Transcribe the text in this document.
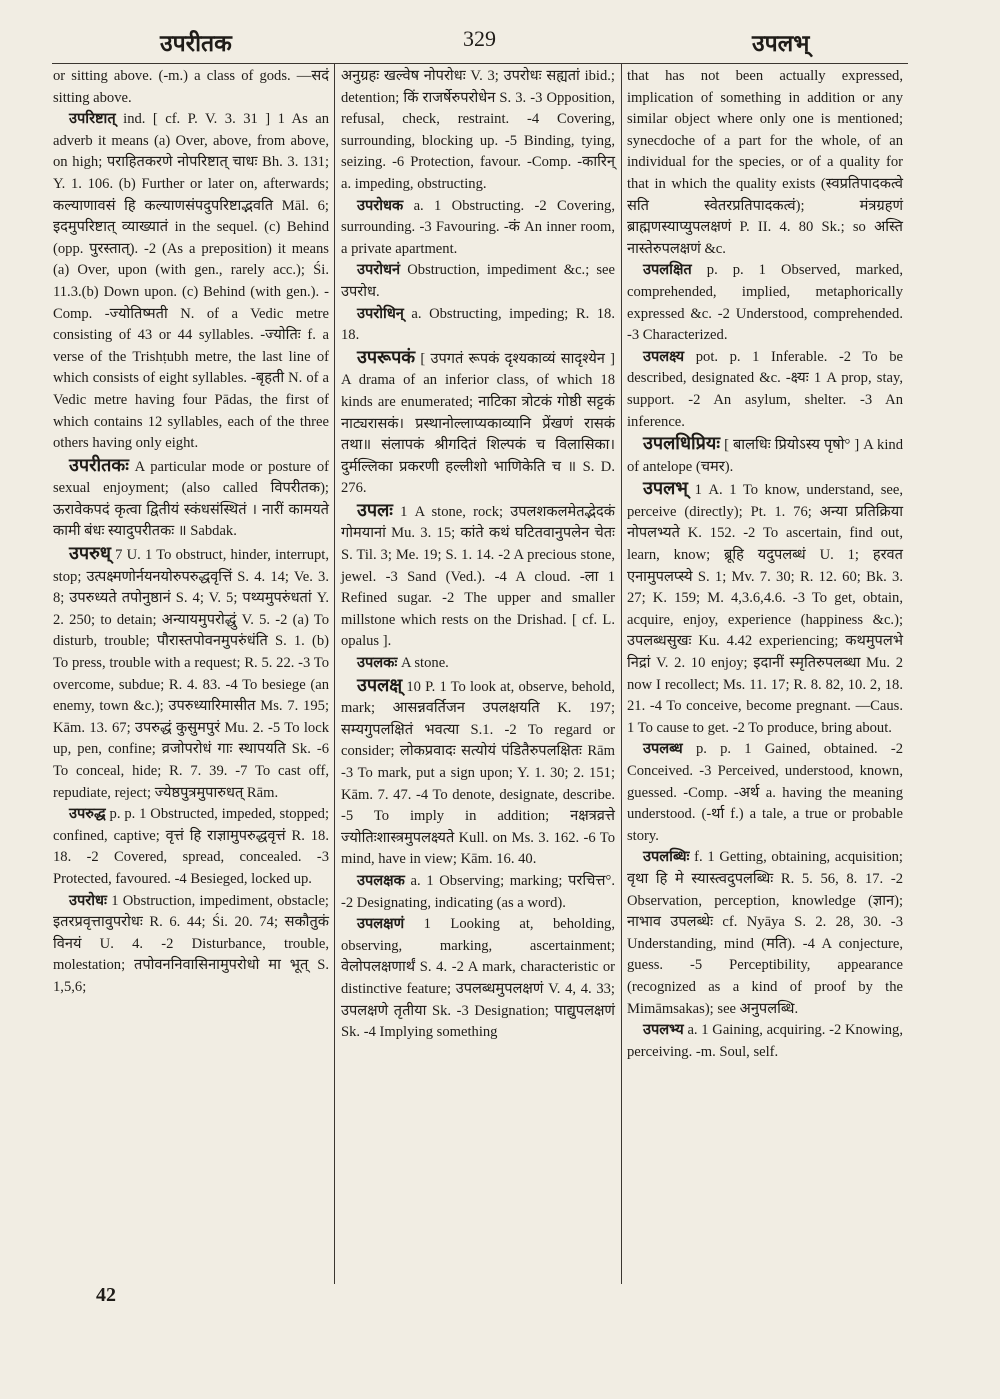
उपरीतक	329	उपलभ्

or sitting above. (-m.) a class of gods. —सदं sitting above.

उपरिष्टात् ind. [ cf. P. V. 3. 31 ] 1 As an adverb it means (a) Over, above, from above, on high; पराहितकरणे नोपरिष्टात् चाधः Bh. 3. 131; Y. 1. 106. (b) Further or later on, afterwards; कल्याणावसं हि कल्याणसंपदुपरिष्टाद्भवति Māl. 6; इदमुपरिष्टात् व्याख्यातं in the sequel. (c) Behind (opp. पुरस्तात्). -2 (As a preposition) it means (a) Over, upon (with gen., rarely acc.); Śi. 11.3.(b) Down upon. (c) Behind (with gen.). -Comp. -ज्योतिष्मती N. of a Vedic metre consisting of 43 or 44 syllables. -ज्योतिः f. a verse of the Trishṭubh metre, the last line of which consists of eight syllables. -बृहती N. of a Vedic metre having four Pādas, the first of which contains 12 syllables, each of the three others having only eight.

उपरीतकः A particular mode or posture of sexual enjoyment; (also called विपरीतक); ऊरावेकपदं कृत्वा द्वितीयं स्कंधसंस्थितं । नारीं कामयते कामी बंधः स्यादुपरीतकः ॥ Sabdak.

उपरुध् 7 U. 1 To obstruct, hinder, interrupt, stop; उत्पक्ष्मणोर्नयनयोरुपरुद्धवृत्तिं S. 4. 14; Ve. 3. 8; उपरुध्यते तपोनुष्ठानं S. 4; V. 5; पथ्यमुपरुंधतां Y. 2. 250; to detain; अन्यायमुपरोद्धुं V. 5. -2 (a) To disturb, trouble; पौरास्तपोवनमुपरुंधंति S. 1. (b) To press, trouble with a request; R. 5. 22. -3 To overcome, subdue; R. 4. 83. -4 To besiege (an enemy, town &c.); उपरुध्यारिमासीत Ms. 7. 195; Kām. 13. 67; उपरुद्धं कुसुमपुरं Mu. 2. -5 To lock up, pen, confine; व्रजोपरोधं गाः स्थापयति Sk. -6 To conceal, hide; R. 7. 39. -7 To cast off, repudiate, reject; ज्येष्ठपुत्रमुपारुधत् Rām.

उपरुद्ध p. p. 1 Obstructed, impeded, stopped; confined, captive; वृत्तं हि राज्ञामुपरुद्धवृत्तं R. 18. 18. -2 Covered, spread, concealed. -3 Protected, favoured. -4 Besieged, locked up.

उपरोधः 1 Obstruction, impediment, obstacle; इतरप्रवृत्तावुपरोधः R. 6. 44; Śi. 20. 74; सकौतुकं विनयं U. 4. -2 Disturbance, trouble, molestation; तपोवननिवासिनामुपरोधो मा भूत् S. 1,5,6;

अनुग्रहः खल्वेष नोपरोधः V. 3; उपरोधः सह्यतां ibid.; detention; किं राजर्षेरुपरोधेन S. 3. -3 Opposition, refusal, check, restraint. -4 Covering, surrounding, blocking up. -5 Binding, tying, seizing. -6 Protection, favour. -Comp. -कारिन् a. impeding, obstructing.

उपरोधक a. 1 Obstructing. -2 Covering, surrounding. -3 Favouring. -कं An inner room, a private apartment.

उपरोधनं Obstruction, impediment &c.; see उपरोध.

उपरोधिन् a. Obstructing, impeding; R. 18. 18.

उपरूपकं [ उपगतं रूपकं दृश्यकाव्यं सादृश्येन ] A drama of an inferior class, of which 18 kinds are enumerated; नाटिका त्रोटकं गोष्ठी सट्टकं नाट्यरासकं। प्रस्थानोल्लाप्यकाव्यानि प्रेंखणं रासकं तथा॥ संलापकं श्रीगदितं शिल्पकं च विलासिका। दुर्मल्लिका प्रकरणी हल्लीशो भाणिकेति च ॥ S. D. 276.

उपलः 1 A stone, rock; उपलशकलमेतद्भेदकं गोमयानां Mu. 3. 15; कांते कथं घटितवानुपलेन चेतः S. Til. 3; Me. 19; S. 1. 14. -2 A precious stone, jewel. -3 Sand (Ved.). -4 A cloud. -ला 1 Refined sugar. -2 The upper and smaller millstone which rests on the Drishad. [ cf. L. opalus ].

उपलकः A stone.

उपलक्ष् 10 P. 1 To look at, observe, behold, mark; आसन्नवर्तिजन उपलक्षयति K. 197; सम्यगुपलक्षितं भवत्या S.1. -2 To regard or consider; लोकप्रवादः सत्योयं पंडितैरुपलक्षितः Rām -3 To mark, put a sign upon; Y. 1. 30; 2. 151; Kām. 7. 47. -4 To denote, designate, describe. -5 To imply in addition; नक्षत्रव्रत्ते ज्योतिःशास्त्रमुपलक्ष्यते Kull. on Ms. 3. 162. -6 To mind, have in view; Kām. 16. 40.

उपलक्षक a. 1 Observing; marking; परचित्त°. -2 Designating, indicating (as a word).

उपलक्षणं 1 Looking at, beholding, observing, marking, ascertainment; वेलोपलक्षणार्थं S. 4. -2 A mark, characteristic or distinctive feature; उपलब्धमुपलक्षणं V. 4, 4. 33; उपलक्षणे तृतीया Sk. -3 Designation; पाद्युपलक्षणं Sk. -4 Implying something

that has not been actually expressed, implication of something in addition or any similar object where only one is mentioned; synecdoche of a part for the whole, of an individual for the species, or of a quality for that in which the quality exists (स्वप्रतिपादकत्वे सति स्वेतरप्रतिपादकत्वं); मंत्रग्रहणं ब्राह्मणस्याप्युपलक्षणं P. II. 4. 80 Sk.; so अस्ति नास्तेरुपलक्षणं &c.

उपलक्षित p. p. 1 Observed, marked, comprehended, implied, metaphorically expressed &c. -2 Understood, comprehended. -3 Characterized.

उपलक्ष्य pot. p. 1 Inferable. -2 To be described, designated &c. -क्ष्यः 1 A prop, stay, support. -2 An asylum, shelter. -3 An inference.

उपलधिप्रियः [ बालधिः प्रियोऽस्य पृषो° ] A kind of antelope (चमर).

उपलभ् 1 A. 1 To know, understand, see, perceive (directly); Pt. 1. 76; अन्या प्रतिक्रिया नोपलभ्यते K. 152. -2 To ascertain, find out, learn, know; ब्रूहि यदुपलब्धं U. 1; हरवत एनामुपलप्स्ये S. 1; Mv. 7. 30; R. 12. 60; Bk. 3. 27; K. 159; M. 4,3.6,4.6. -3 To get, obtain, acquire, enjoy, experience (happiness &c.); उपलब्धसुखः Ku. 4.42 experiencing; कथमुपलभे निद्रां V. 2. 10 enjoy; इदानीं स्मृतिरुपलब्धा Mu. 2 now I recollect; Ms. 11. 17; R. 8. 82, 10. 2, 18. 21. -4 To conceive, become pregnant. —Caus. 1 To cause to get. -2 To produce, bring about.

उपलब्ध p. p. 1 Gained, obtained. -2 Conceived. -3 Perceived, understood, known, guessed. -Comp. -अर्थ a. having the meaning understood. (-र्था f.) a tale, a true or probable story.

उपलब्धिः f. 1 Getting, obtaining, acquisition; वृथा हि मे स्यास्त्वदुपलब्धिः R. 5. 56, 8. 17. -2 Observation, perception, knowledge (ज्ञान); नाभाव उपलब्धेः cf. Nyāya S. 2. 28, 30. -3 Understanding, mind (मति). -4 A conjecture, guess. -5 Perceptibility, appearance (recognized as a kind of proof by the Mimāmsakas); see अनुपलब्धि.

उपलभ्य a. 1 Gaining, acquiring. -2 Knowing, perceiving. -m. Soul, self.

42
